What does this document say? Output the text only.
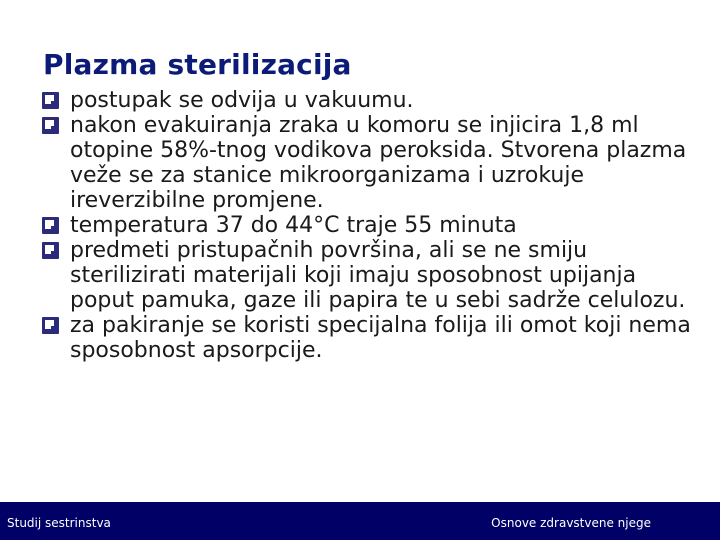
Plazma sterilizacija
postupak se odvija u vakuumu.
nakon evakuiranja zraka u komoru se injicira 1,8 ml otopine 58%-tnog vodikova peroksida. Stvorena plazma veže se za stanice mikroorganizama i uzrokuje ireverzibilne promjene.
temperatura 37 do 44°C traje 55 minuta
predmeti pristupačnih površina, ali se ne smiju sterilizirati materijali koji imaju sposobnost upijanja poput pamuka, gaze ili papira te u sebi sadrže celulozu.
za pakiranje se koristi specijalna folija ili omot koji nema sposobnost apsorpcije.
Studij sestrinstva	Osnove zdravstvene njege
